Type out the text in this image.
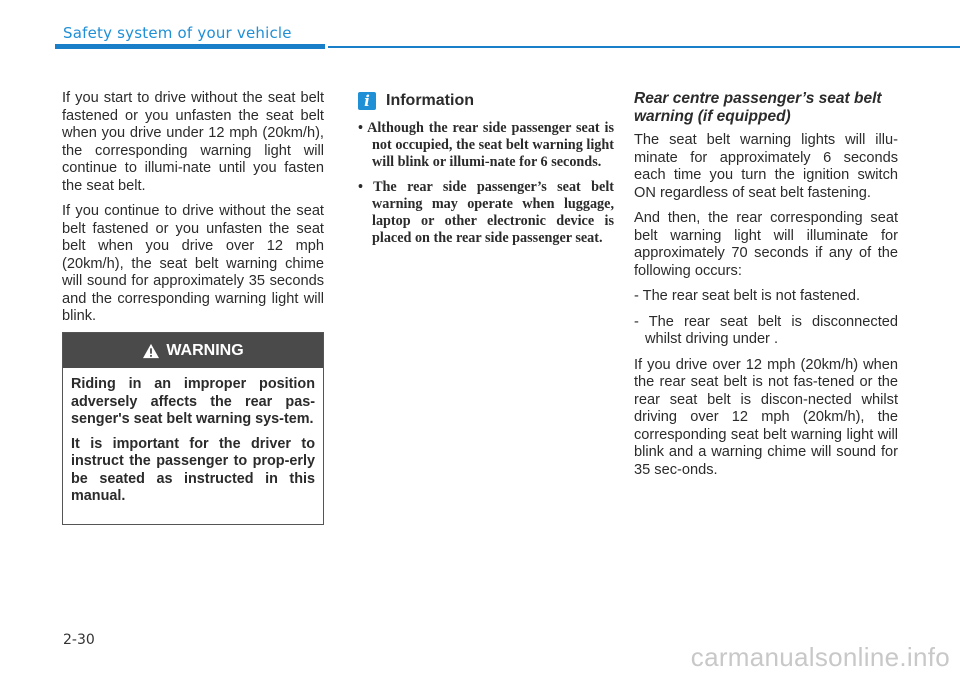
Safety system of your vehicle

If you start to drive without the seat belt fastened or you unfasten the seat belt when you drive under 12 mph (20km/h), the corresponding warning light will continue to illumi-nate until you fasten the seat belt.

If you continue to drive without the seat belt fastened or you unfasten the seat belt when you drive over 12 mph (20km/h), the seat belt warning chime will sound for approximately 35 seconds and the corresponding warning light will blink.

WARNING

Riding in an improper position adversely affects the rear pas-senger's seat belt warning sys-tem.

It is important for the driver to instruct the passenger to prop-erly be seated as instructed in this manual.

i	Information
• Although the rear side passenger seat is not occupied, the seat belt warning light will blink or illumi-nate for 6 seconds.
• The rear side passenger’s seat belt warning may operate when luggage, laptop or other electronic device is placed on the rear side passenger seat.
Rear centre passenger’s seat belt warning (if equipped)

The seat belt warning lights will illu-minate for approximately 6 seconds each time you turn the ignition switch ON regardless of seat belt fastening.

And then, the rear corresponding seat belt warning light will illuminate for approximately 70 seconds if any of the following occurs:

- The rear seat belt is not fastened.
- The rear seat belt is disconnected whilst driving under .

If you drive over 12 mph (20km/h) when the rear seat belt is not fas-tened or the rear seat belt is discon-nected whilst driving over 12 mph (20km/h), the corresponding seat belt warning light will blink and a warning chime will sound for 35 sec-onds.

2-30
carmanualsonline.info
